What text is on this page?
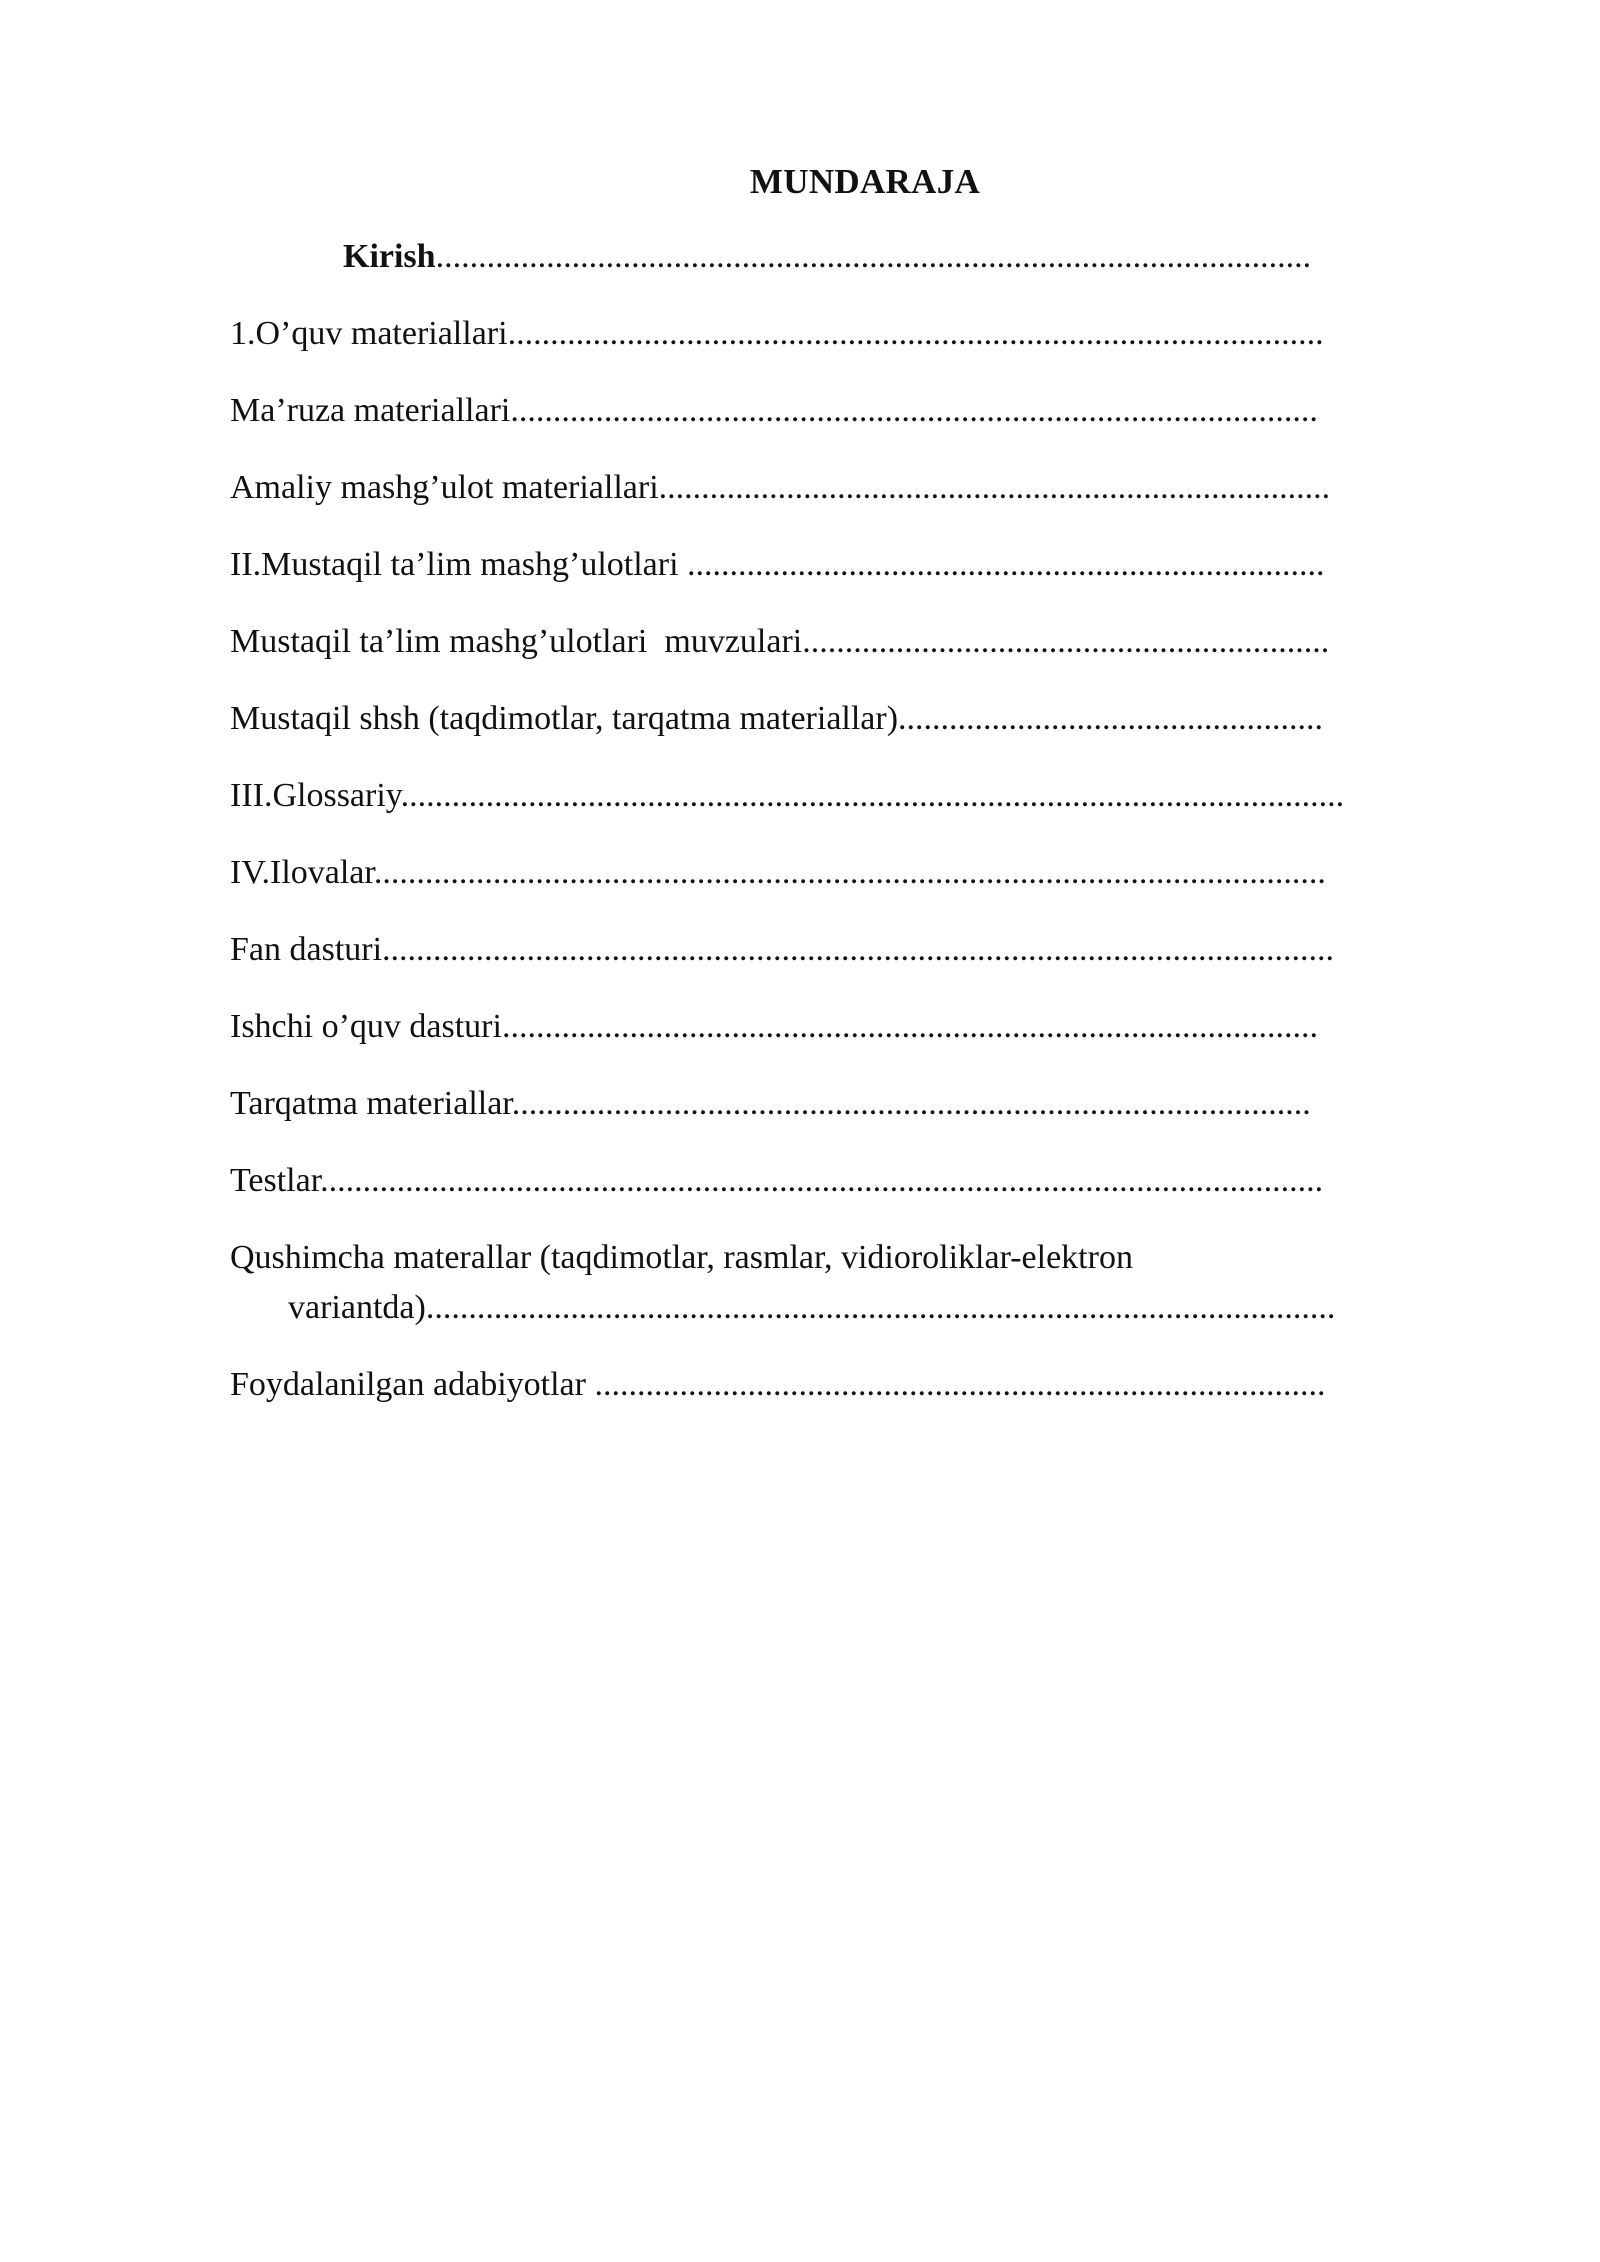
MUNDARAJA
Kirish.......................................................................................................
1.O’quv materiallari................................................................................................
Ma’ruza materiallari...............................................................................................
Amaliy mashg’ulot materiallari...............................................................................
II.Mustaqil ta’lim mashg’ulotlari ...........................................................................
Mustaqil ta’lim mashg’ulotlari  muvzulari..............................................................
Mustaqil shsh (taqdimotlar, tarqatma materiallar)..................................................
III.Glossariy...............................................................................................................
IV.Ilovalar................................................................................................................
Fan dasturi................................................................................................................
Ishchi o’quv dasturi................................................................................................
Tarqatma materiallar..............................................................................................
Testlar......................................................................................................................
Qushimcha materallar (taqdimotlar, rasmlar, vidioroliklar-elektron
variantda)...........................................................................................................
Foydalanilgan adabiyotlar ......................................................................................
